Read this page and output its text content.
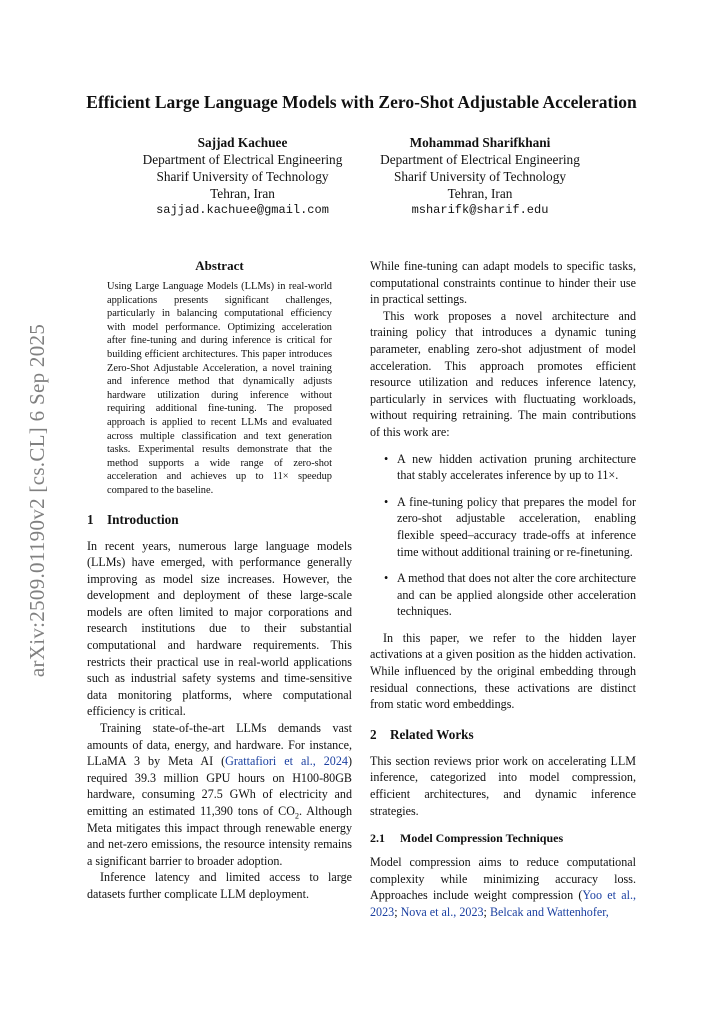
arXiv:2509.01190v2 [cs.CL] 6 Sep 2025
Efficient Large Language Models with Zero-Shot Adjustable Acceleration
Sajjad Kachuee
Department of Electrical Engineering
Sharif University of Technology
Tehran, Iran
sajjad.kachuee@gmail.com
Mohammad Sharifkhani
Department of Electrical Engineering
Sharif University of Technology
Tehran, Iran
msharifk@sharif.edu
Abstract

Using Large Language Models (LLMs) in real-world applications presents significant challenges, particularly in balancing computational efficiency with model performance. Optimizing acceleration after fine-tuning and during inference is critical for building efficient architectures. This paper introduces Zero-Shot Adjustable Acceleration, a novel training and inference method that dynamically adjusts hardware utilization during inference without requiring additional fine-tuning. The proposed approach is applied to recent LLMs and evaluated across multiple classification and text generation tasks. Experimental results demonstrate that the method supports a wide range of zero-shot acceleration and achieves up to 11× speedup compared to the baseline.

1 Introduction

In recent years, numerous large language models (LLMs) have emerged, with performance generally improving as model size increases. However, the development and deployment of these large-scale models are often limited to major corporations and research institutions due to their substantial computational and hardware requirements. This restricts their practical use in real-world applications such as industrial safety systems and time-sensitive data monitoring platforms, where computational efficiency is critical.

Training state-of-the-art LLMs demands vast amounts of data, energy, and hardware. For instance, LLaMA 3 by Meta AI (Grattafiori et al., 2024) required 39.3 million GPU hours on H100-80GB hardware, consuming 27.5 GWh of electricity and emitting an estimated 11,390 tons of $CO_2$. Although Meta mitigates this impact through renewable energy and net-zero emissions, the resource intensity remains a significant barrier to broader adoption.

Inference latency and limited access to large datasets further complicate LLM deployment.

While fine-tuning can adapt models to specific tasks, computational constraints continue to hinder their use in practical settings.

This work proposes a novel architecture and training policy that introduces a dynamic tuning parameter, enabling zero-shot adjustment of model acceleration. This approach promotes efficient resource utilization and reduces inference latency, particularly in services with fluctuating workloads, without requiring retraining. The main contributions of this work are:

• A new hidden activation pruning architecture that stably accelerates inference by up to 11×.
• A fine-tuning policy that prepares the model for zero-shot adjustable acceleration, enabling flexible speed–accuracy trade-offs at inference time without additional training or re-finetuning.
• A method that does not alter the core architecture and can be applied alongside other acceleration techniques.

In this paper, we refer to the hidden layer activations at a given position as the hidden activation. While influenced by the original embedding through residual connections, these activations are distinct from static word embeddings.

2 Related Works

This section reviews prior work on accelerating LLM inference, categorized into model compression, efficient architectures, and dynamic inference strategies.

2.1 Model Compression Techniques

Model compression aims to reduce computational complexity while minimizing accuracy loss. Approaches include weight compression (Yoo et al., 2023; Nova et al., 2023; Belcak and Wattenhofer,
